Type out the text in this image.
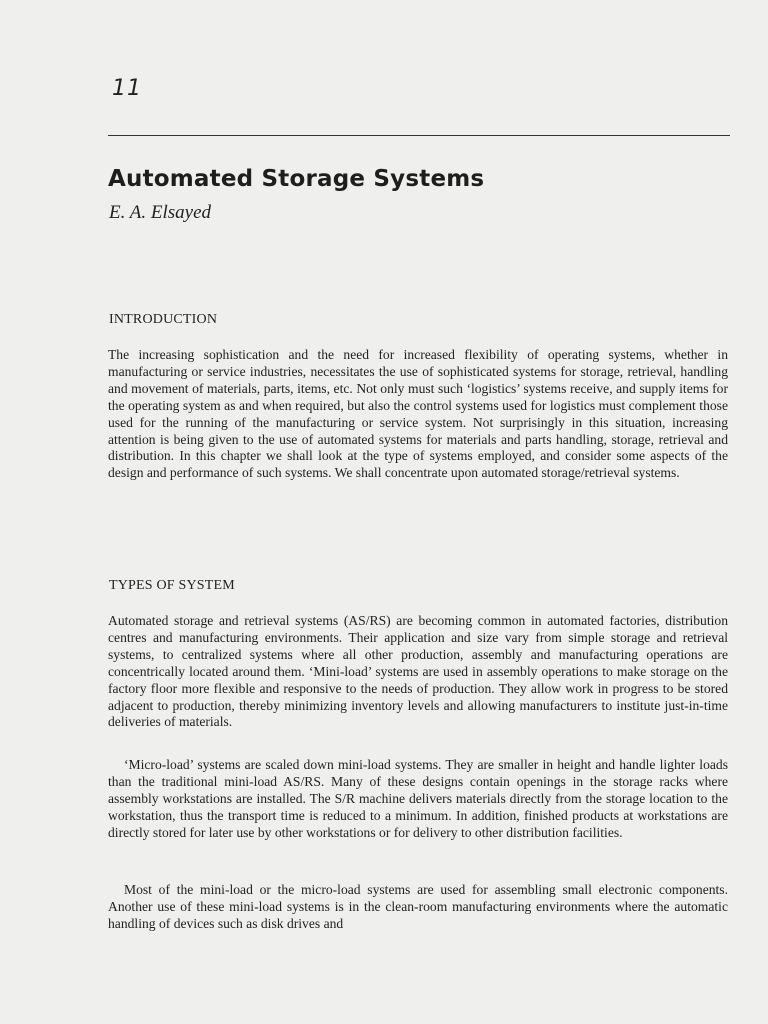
11
Automated Storage Systems
E. A. Elsayed
INTRODUCTION

The increasing sophistication and the need for increased flexibility of operating systems, whether in manufacturing or service industries, necessitates the use of sophisticated systems for storage, retrieval, handling and movement of materials, parts, items, etc. Not only must such ‘logistics’ systems receive, and supply items for the operating system as and when required, but also the control systems used for logistics must complement those used for the running of the manufacturing or service system. Not surprisingly in this situation, increasing attention is being given to the use of automated systems for materials and parts handling, storage, retrieval and distribution. In this chapter we shall look at the type of systems employed, and consider some aspects of the design and performance of such systems. We shall concentrate upon automated storage/retrieval systems.

TYPES OF SYSTEM

Automated storage and retrieval systems (AS/RS) are becoming common in automated factories, distribution centres and manufacturing environments. Their application and size vary from simple storage and retrieval systems, to centralized systems where all other production, assembly and manufacturing operations are concentrically located around them. ‘Mini-load’ systems are used in assembly operations to make storage on the factory floor more flexible and responsive to the needs of production. They allow work in progress to be stored adjacent to production, thereby minimizing inventory levels and allowing manufacturers to institute just-in-time deliveries of materials.

‘Micro-load’ systems are scaled down mini-load systems. They are smaller in height and handle lighter loads than the traditional mini-load AS/RS. Many of these designs contain openings in the storage racks where assembly workstations are installed. The S/R machine delivers materials directly from the storage location to the workstation, thus the transport time is reduced to a minimum. In addition, finished products at workstations are directly stored for later use by other workstations or for delivery to other distribution facilities.

Most of the mini-load or the micro-load systems are used for assembling small electronic components. Another use of these mini-load systems is in the clean-room manufacturing environments where the automatic handling of devices such as disk drives and
